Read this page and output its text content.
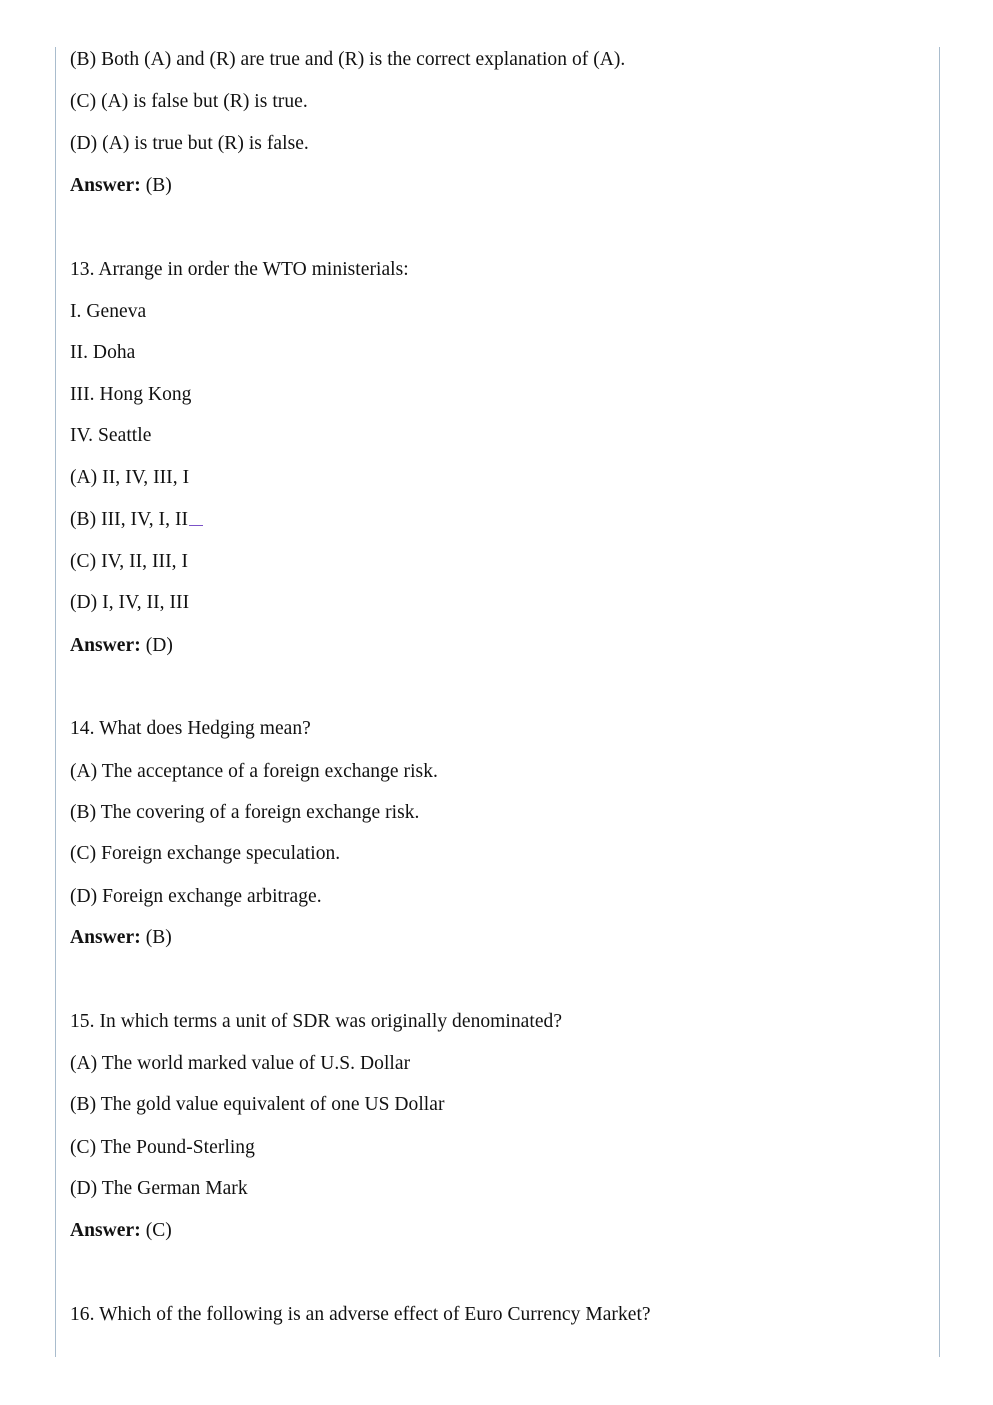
(B) Both (A) and (R) are true and (R) is the correct explanation of (A).
(C) (A) is false but (R) is true.
(D) (A) is true but (R) is false.
Answer: (B)
13. Arrange in order the WTO ministerials:
I. Geneva
II. Doha
III. Hong Kong
IV. Seattle
(A) II, IV, III, I
(B) III, IV, I, II
(C) IV, II, III, I
(D) I, IV, II, III
Answer: (D)
14. What does Hedging mean?
(A) The acceptance of a foreign exchange risk.
(B) The covering of a foreign exchange risk.
(C) Foreign exchange speculation.
(D) Foreign exchange arbitrage.
Answer: (B)
15. In which terms a unit of SDR was originally denominated?
(A) The world marked value of U.S. Dollar
(B) The gold value equivalent of one US Dollar
(C) The Pound-Sterling
(D) The German Mark
Answer: (C)
16. Which of the following is an adverse effect of Euro Currency Market?
